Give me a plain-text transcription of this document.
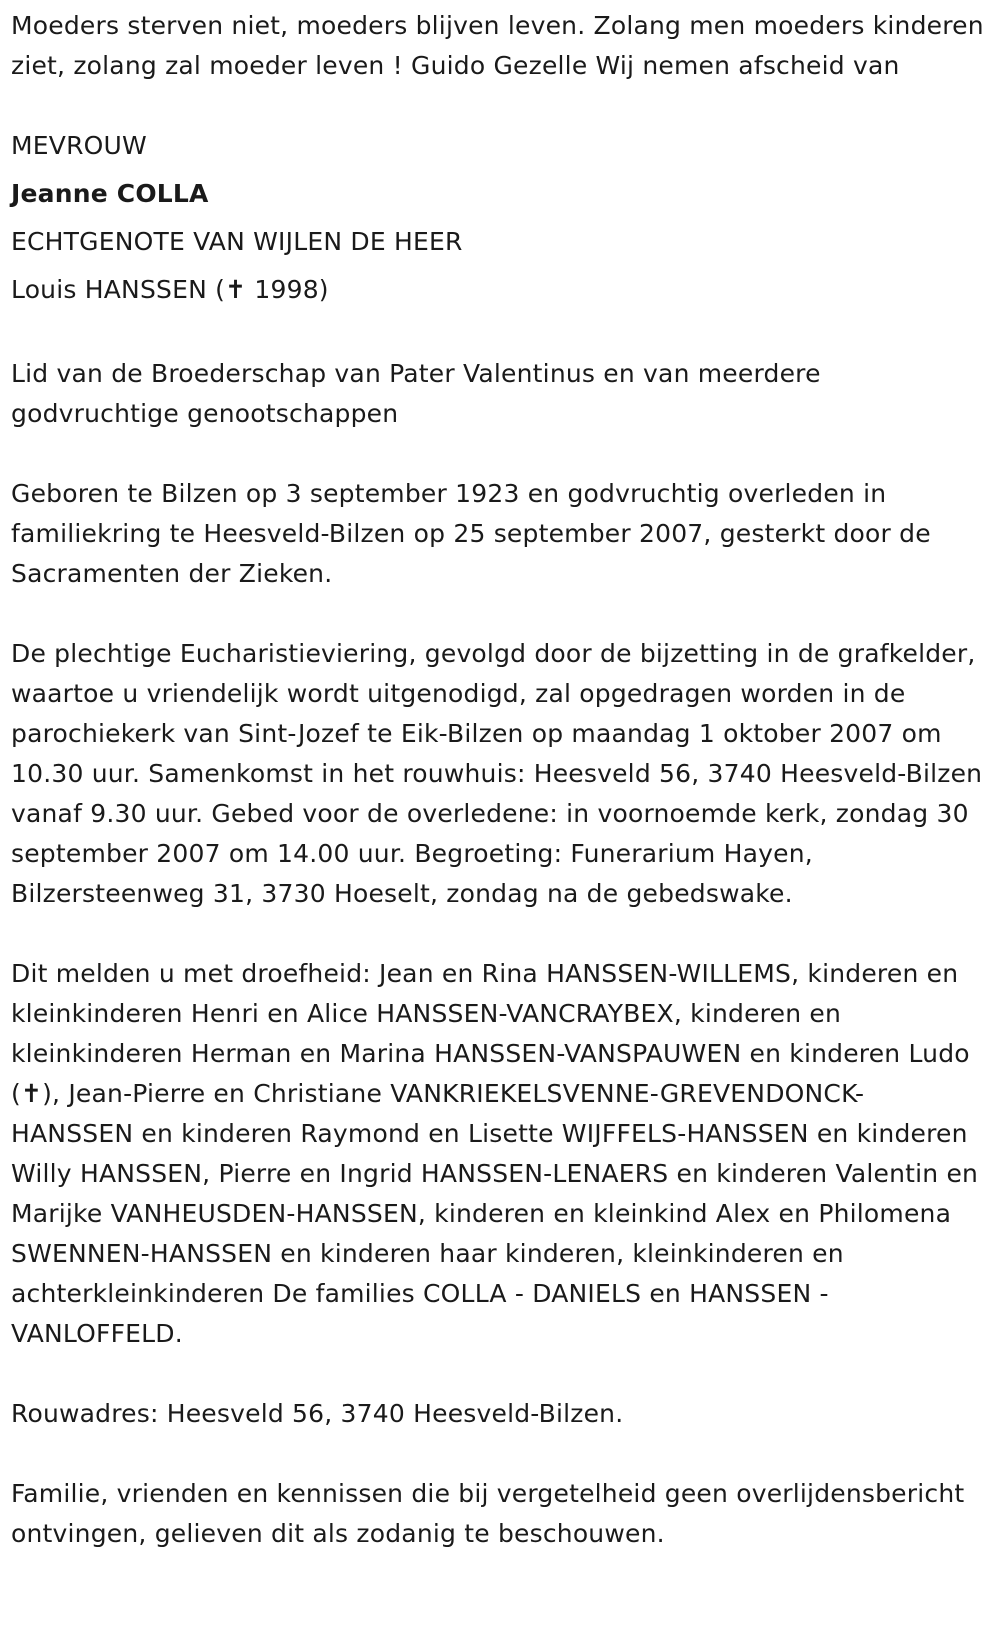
Moeders sterven niet, moeders blijven leven. Zolang men moeders kinderen ziet, zolang zal moeder leven ! Guido Gezelle Wij nemen afscheid van

MEVROUW

Jeanne COLLA

ECHTGENOTE VAN WIJLEN DE HEER

Louis HANSSEN (✝ 1998)

Lid van de Broederschap van Pater Valentinus en van meerdere godvruchtige genootschappen

Geboren te Bilzen op 3 september 1923 en godvruchtig overleden in familiekring te Heesveld-Bilzen op 25 september 2007, gesterkt door de Sacramenten der Zieken.

De plechtige Eucharistieviering, gevolgd door de bijzetting in de grafkelder, waartoe u vriendelijk wordt uitgenodigd, zal opgedragen worden in de parochiekerk van Sint-Jozef te Eik-Bilzen op maandag 1 oktober 2007 om 10.30 uur. Samenkomst in het rouwhuis: Heesveld 56, 3740 Heesveld-Bilzen vanaf 9.30 uur. Gebed voor de overledene: in voornoemde kerk, zondag 30 september 2007 om 14.00 uur. Begroeting: Funerarium Hayen, Bilzersteenweg 31, 3730 Hoeselt, zondag na de gebedswake.

Dit melden u met droefheid: Jean en Rina HANSSEN-WILLEMS, kinderen en kleinkinderen Henri en Alice HANSSEN-VANCRAYBEX, kinderen en kleinkinderen Herman en Marina HANSSEN-VANSPAUWEN en kinderen Ludo (✝), Jean-Pierre en Christiane VANKRIEKELSVENNE-GREVENDONCK-HANSSEN en kinderen Raymond en Lisette WIJFFELS-HANSSEN en kinderen Willy HANSSEN, Pierre en Ingrid HANSSEN-LENAERS en kinderen Valentin en Marijke VANHEUSDEN-HANSSEN, kinderen en kleinkind Alex en Philomena SWENNEN-HANSSEN en kinderen haar kinderen, kleinkinderen en achterkleinkinderen De families COLLA - DANIELS en HANSSEN - VANLOFFELD.

Rouwadres: Heesveld 56, 3740 Heesveld-Bilzen.

Familie, vrienden en kennissen die bij vergetelheid geen overlijdensbericht ontvingen, gelieven dit als zodanig te beschouwen.
